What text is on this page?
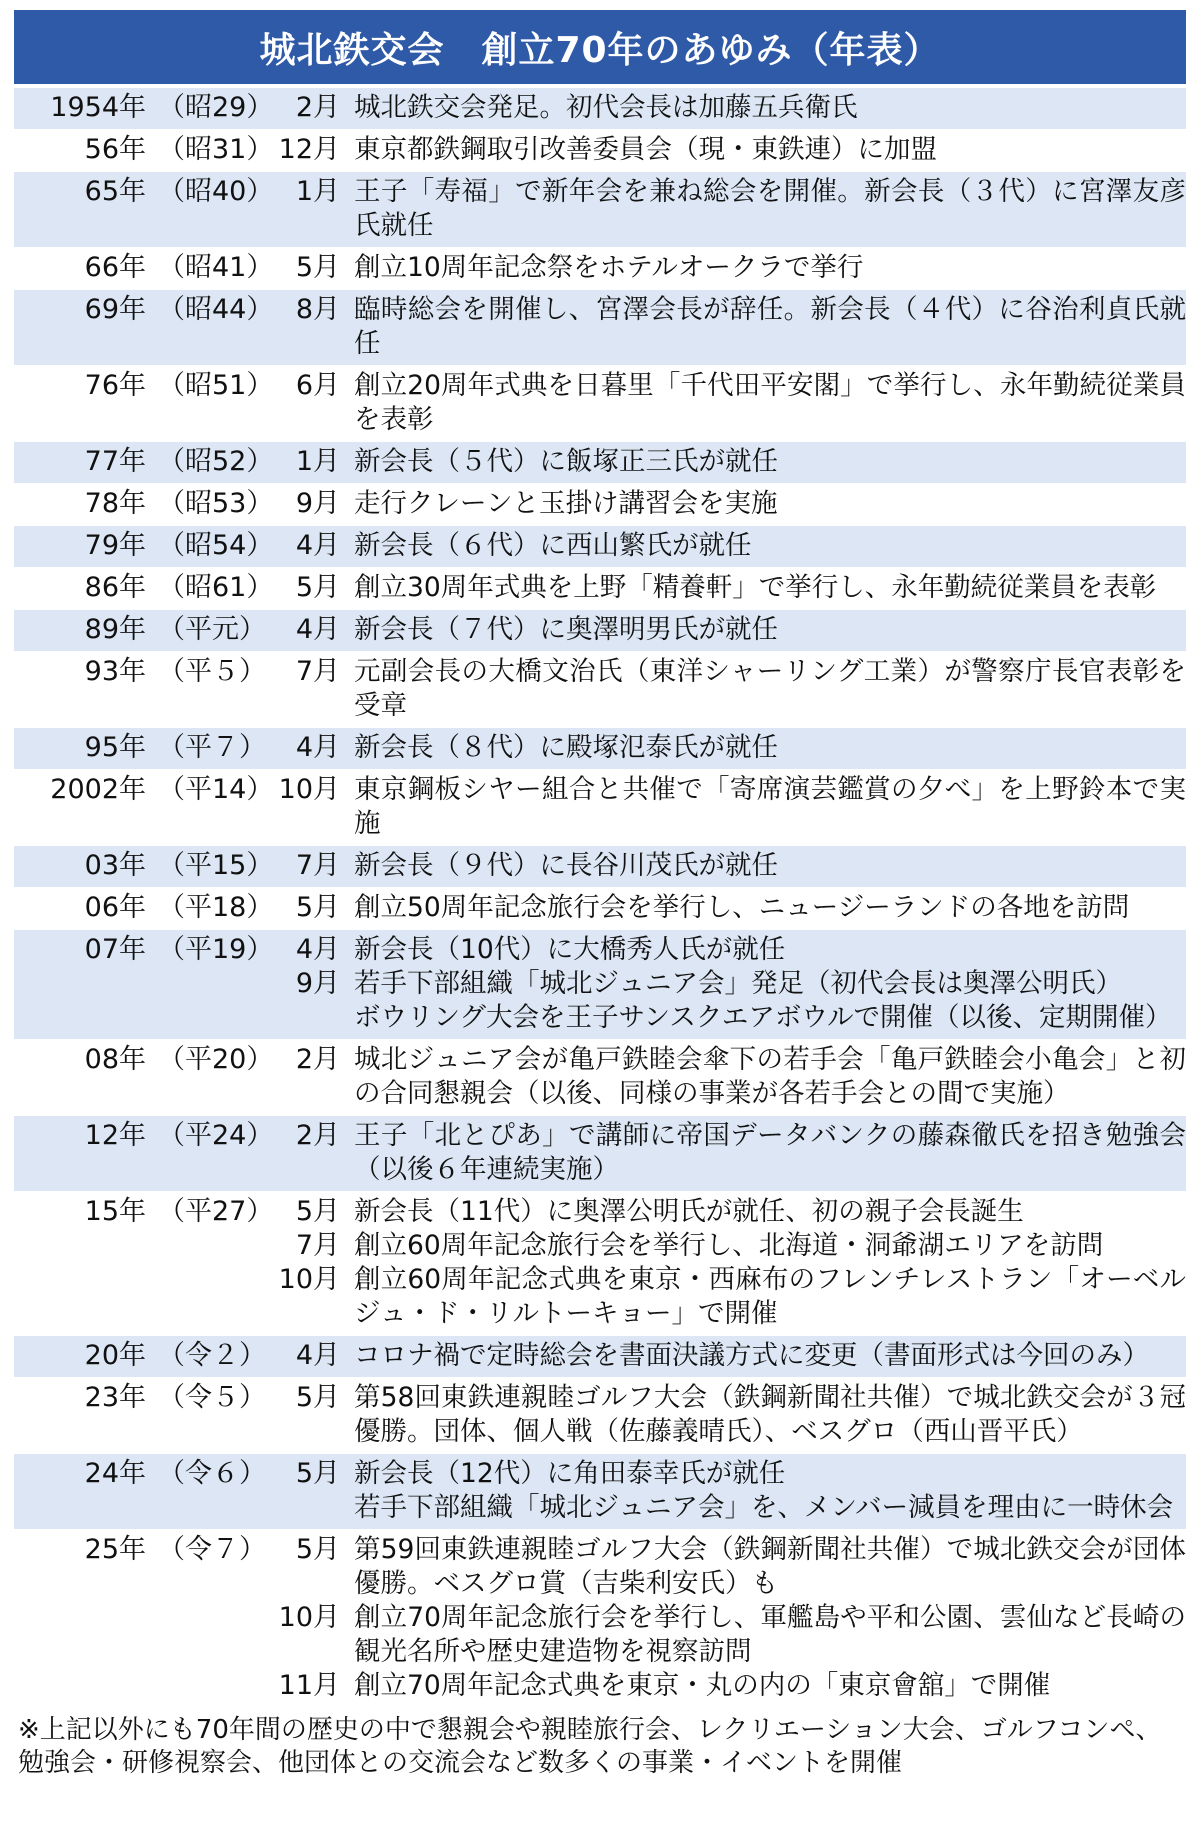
城北鉄交会　創立70年のあゆみ（年表）
1954年 （昭29） 2月 城北鉄交会発足。初代会長は加藤五兵衛氏
56年 （昭31） 12月 東京都鉄鋼取引改善委員会（現・東鉄連）に加盟
65年 （昭40） 1月 王子「寿福」で新年会を兼ね総会を開催。新会長（３代）に宮澤友彦氏就任
66年 （昭41） 5月 創立10周年記念祭をホテルオークラで挙行
69年 （昭44） 8月 臨時総会を開催し、宮澤会長が辞任。新会長（４代）に谷治利貞氏就任
76年 （昭51） 6月 創立20周年式典を日暮里「千代田平安閣」で挙行し、永年勤続従業員を表彰
77年 （昭52） 1月 新会長（５代）に飯塚正三氏が就任
78年 （昭53） 9月 走行クレーンと玉掛け講習会を実施
79年 （昭54） 4月 新会長（６代）に西山繁氏が就任
86年 （昭61） 5月 創立30周年式典を上野「精養軒」で挙行し、永年勤続従業員を表彰
89年 （平元）	4月 新会長（７代）に奥澤明男氏が就任
93年 （平５）	7月 元副会長の大橋文治氏（東洋シャーリング工業）が警察庁長官表彰を受章
95年 （平７）	4月 新会長（８代）に殿塚氾泰氏が就任
2002年 （平14） 10月 東京鋼板シヤー組合と共催で「寄席演芸鑑賞の夕べ」を上野鈴本で実施
03年 （平15） 7月 新会長（９代）に長谷川茂氏が就任
06年 （平18） 5月 創立50周年記念旅行会を挙行し、ニュージーランドの各地を訪問
07年 （平19） 4月 新会長（10代）に大橋秀人氏が就任
9月 若手下部組織「城北ジュニア会」発足（初代会長は奥澤公明氏）
ボウリング大会を王子サンスクエアボウルで開催（以後、定期開催）
08年 （平20） 2月 城北ジュニア会が亀戸鉄睦会傘下の若手会「亀戸鉄睦会小亀会」と初の合同懇親会（以後、同様の事業が各若手会との間で実施）
12年 （平24） 2月 王子「北とぴあ」で講師に帝国データバンクの藤森徹氏を招き勉強会（以後６年連続実施）
15年 （平27） 5月 新会長（11代）に奥澤公明氏が就任、初の親子会長誕生
7月 創立60周年記念旅行会を挙行し、北海道・洞爺湖エリアを訪問
10月 創立60周年記念式典を東京・西麻布のフレンチレストラン「オーベルジュ・ド・リルトーキョー」で開催
20年 （令２）	4月 コロナ禍で定時総会を書面決議方式に変更（書面形式は今回のみ）
23年 （令５）	5月 第58回東鉄連親睦ゴルフ大会（鉄鋼新聞社共催）で城北鉄交会が３冠優勝。団体、個人戦（佐藤義晴氏）、ベスグロ（西山晋平氏）
24年 （令６）	5月 新会長（12代）に角田泰幸氏が就任
若手下部組織「城北ジュニア会」を、メンバー減員を理由に一時休会
25年 （令７）	5月 第59回東鉄連親睦ゴルフ大会（鉄鋼新聞社共催）で城北鉄交会が団体優勝。ベスグロ賞（吉柴利安氏）も
10月 創立70周年記念旅行会を挙行し、軍艦島や平和公園、雲仙など長崎の観光名所や歴史建造物を視察訪問
11月 創立70周年記念式典を東京・丸の内の「東京會舘」で開催
※上記以外にも70年間の歴史の中で懇親会や親睦旅行会、レクリエーション大会、ゴルフコンペ、勉強会・研修視察会、他団体との交流会など数多くの事業・イベントを開催
